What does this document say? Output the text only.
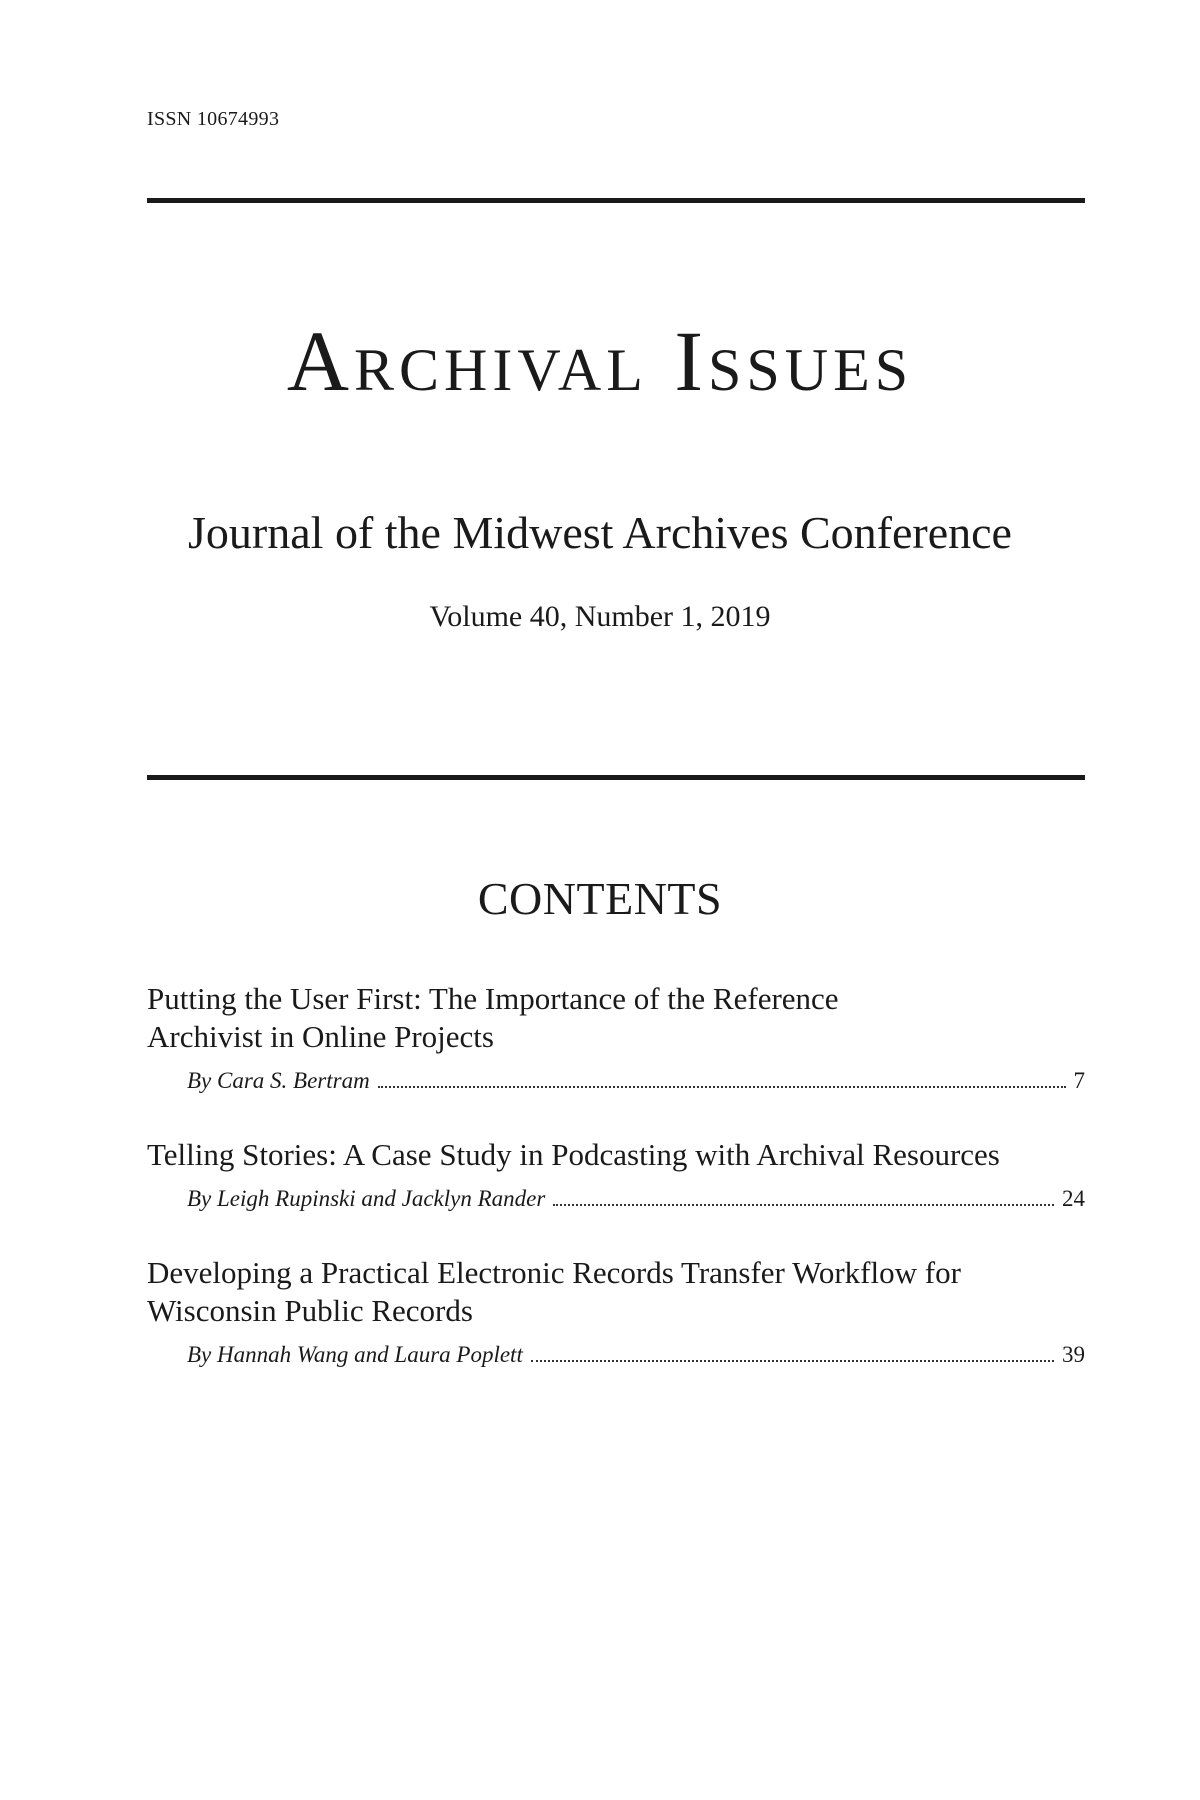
ISSN 10674993
Archival Issues
Journal of the Midwest Archives Conference
Volume 40, Number 1, 2019
CONTENTS
Putting the User First: The Importance of the Reference
Archivist in Online Projects
By Cara S. Bertram	7
Telling Stories: A Case Study in Podcasting with Archival Resources
By Leigh Rupinski and Jacklyn Rander	24
Developing a Practical Electronic Records Transfer Workflow for
Wisconsin Public Records
By Hannah Wang and Laura Poplett	39
